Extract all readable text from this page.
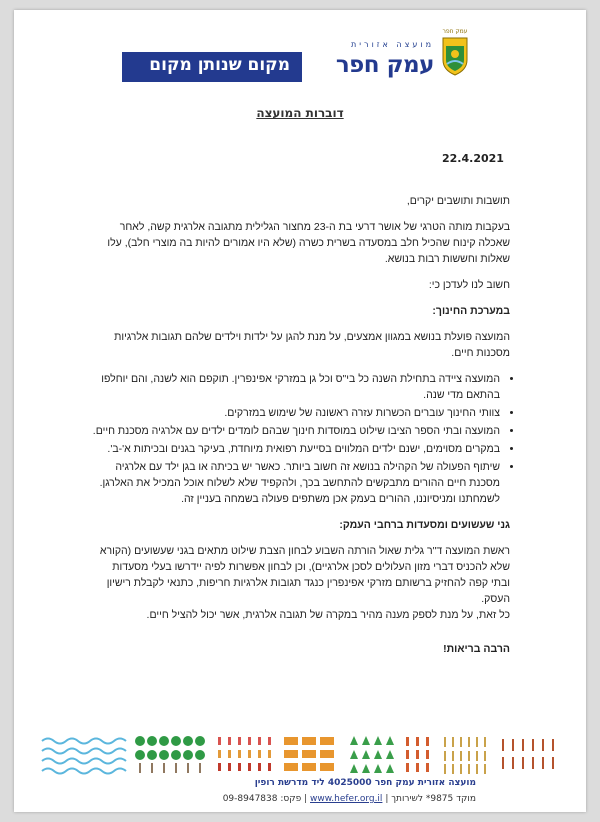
עמק חפר
מועצה אזורית
עמק חפר
מקום שנותן מקום
דוברות המועצה
22.4.2021

תושבות ותושבים יקרים,

בעקבות מותה הטרגי של אושר דרעי בת ה-23 מחצור הגלילית מתגובה אלרגית קשה, לאחר שאכלה קינוח שהכיל חלב במסעדה בשרית כשרה (שלא היו אמורים להיות בה מוצרי חלב), עלו שאלות וחששות רבות בנושא.

חשוב לנו לעדכן כי:

במערכת החינוך:

המועצה פועלת בנושא במגוון אמצעים, על מנת להגן על ילדות וילדים שלהם תגובות אלרגיות מסכנות חיים.

• המועצה ציידה בתחילת השנה כל בי"ס וכל גן במזרקי אפינפרין. תוקפם הוא לשנה, והם יוחלפו בהתאם מדי שנה.
• צוותי החינוך עוברים הכשרות עזרה ראשונה של שימוש במזרקים.
• המועצה ובתי הספר הציבו שילוט במוסדות חינוך שבהם לומדים ילדים עם אלרגיה מסכנת חיים.
• במקרים מסוימים, ישנם ילדים המלווים בסייעת רפואית מיוחדת, בעיקר בגנים ובכיתות א'-ב'.
• שיתוף הפעולה של הקהילה בנושא זה חשוב ביותר. כאשר יש בכיתה או בגן ילד עם אלרגיה מסכנת חיים ההורים מתבקשים להתחשב בכך, ולהקפיד שלא לשלוח אוכל המכיל את האלרגן. לשמחתנו ומניסיוננו, ההורים בעמק אכן משתפים פעולה בשמחה בעניין זה.

גני שעשועים ומסעדות ברחבי העמק:

ראשת המועצה ד"ר גלית שאול הורתה השבוע לבחון הצבת שילוט מתאים בגני שעשועים (הקורא שלא להכניס דברי מזון העלולים לסכן אלרגיים), וכן לבחון אפשרות לפיה יידרשו בעלי מסעדות ובתי קפה להחזיק ברשותם מזרקי אפינפרין כנגד תגובות אלרגיות חריפות, כתנאי לקבלת רישיון העסק.

כל זאת, על מנת לספק מענה מהיר במקרה של תגובה אלרגית, אשר יכול להציל חיים.

הרבה בריאות!

מועצה אזורית עמק חפר 4025000 ליד מדרשת רופין
מוקד 9875* לשירותך | www.hefer.org.il | פקס: 09-8947838
